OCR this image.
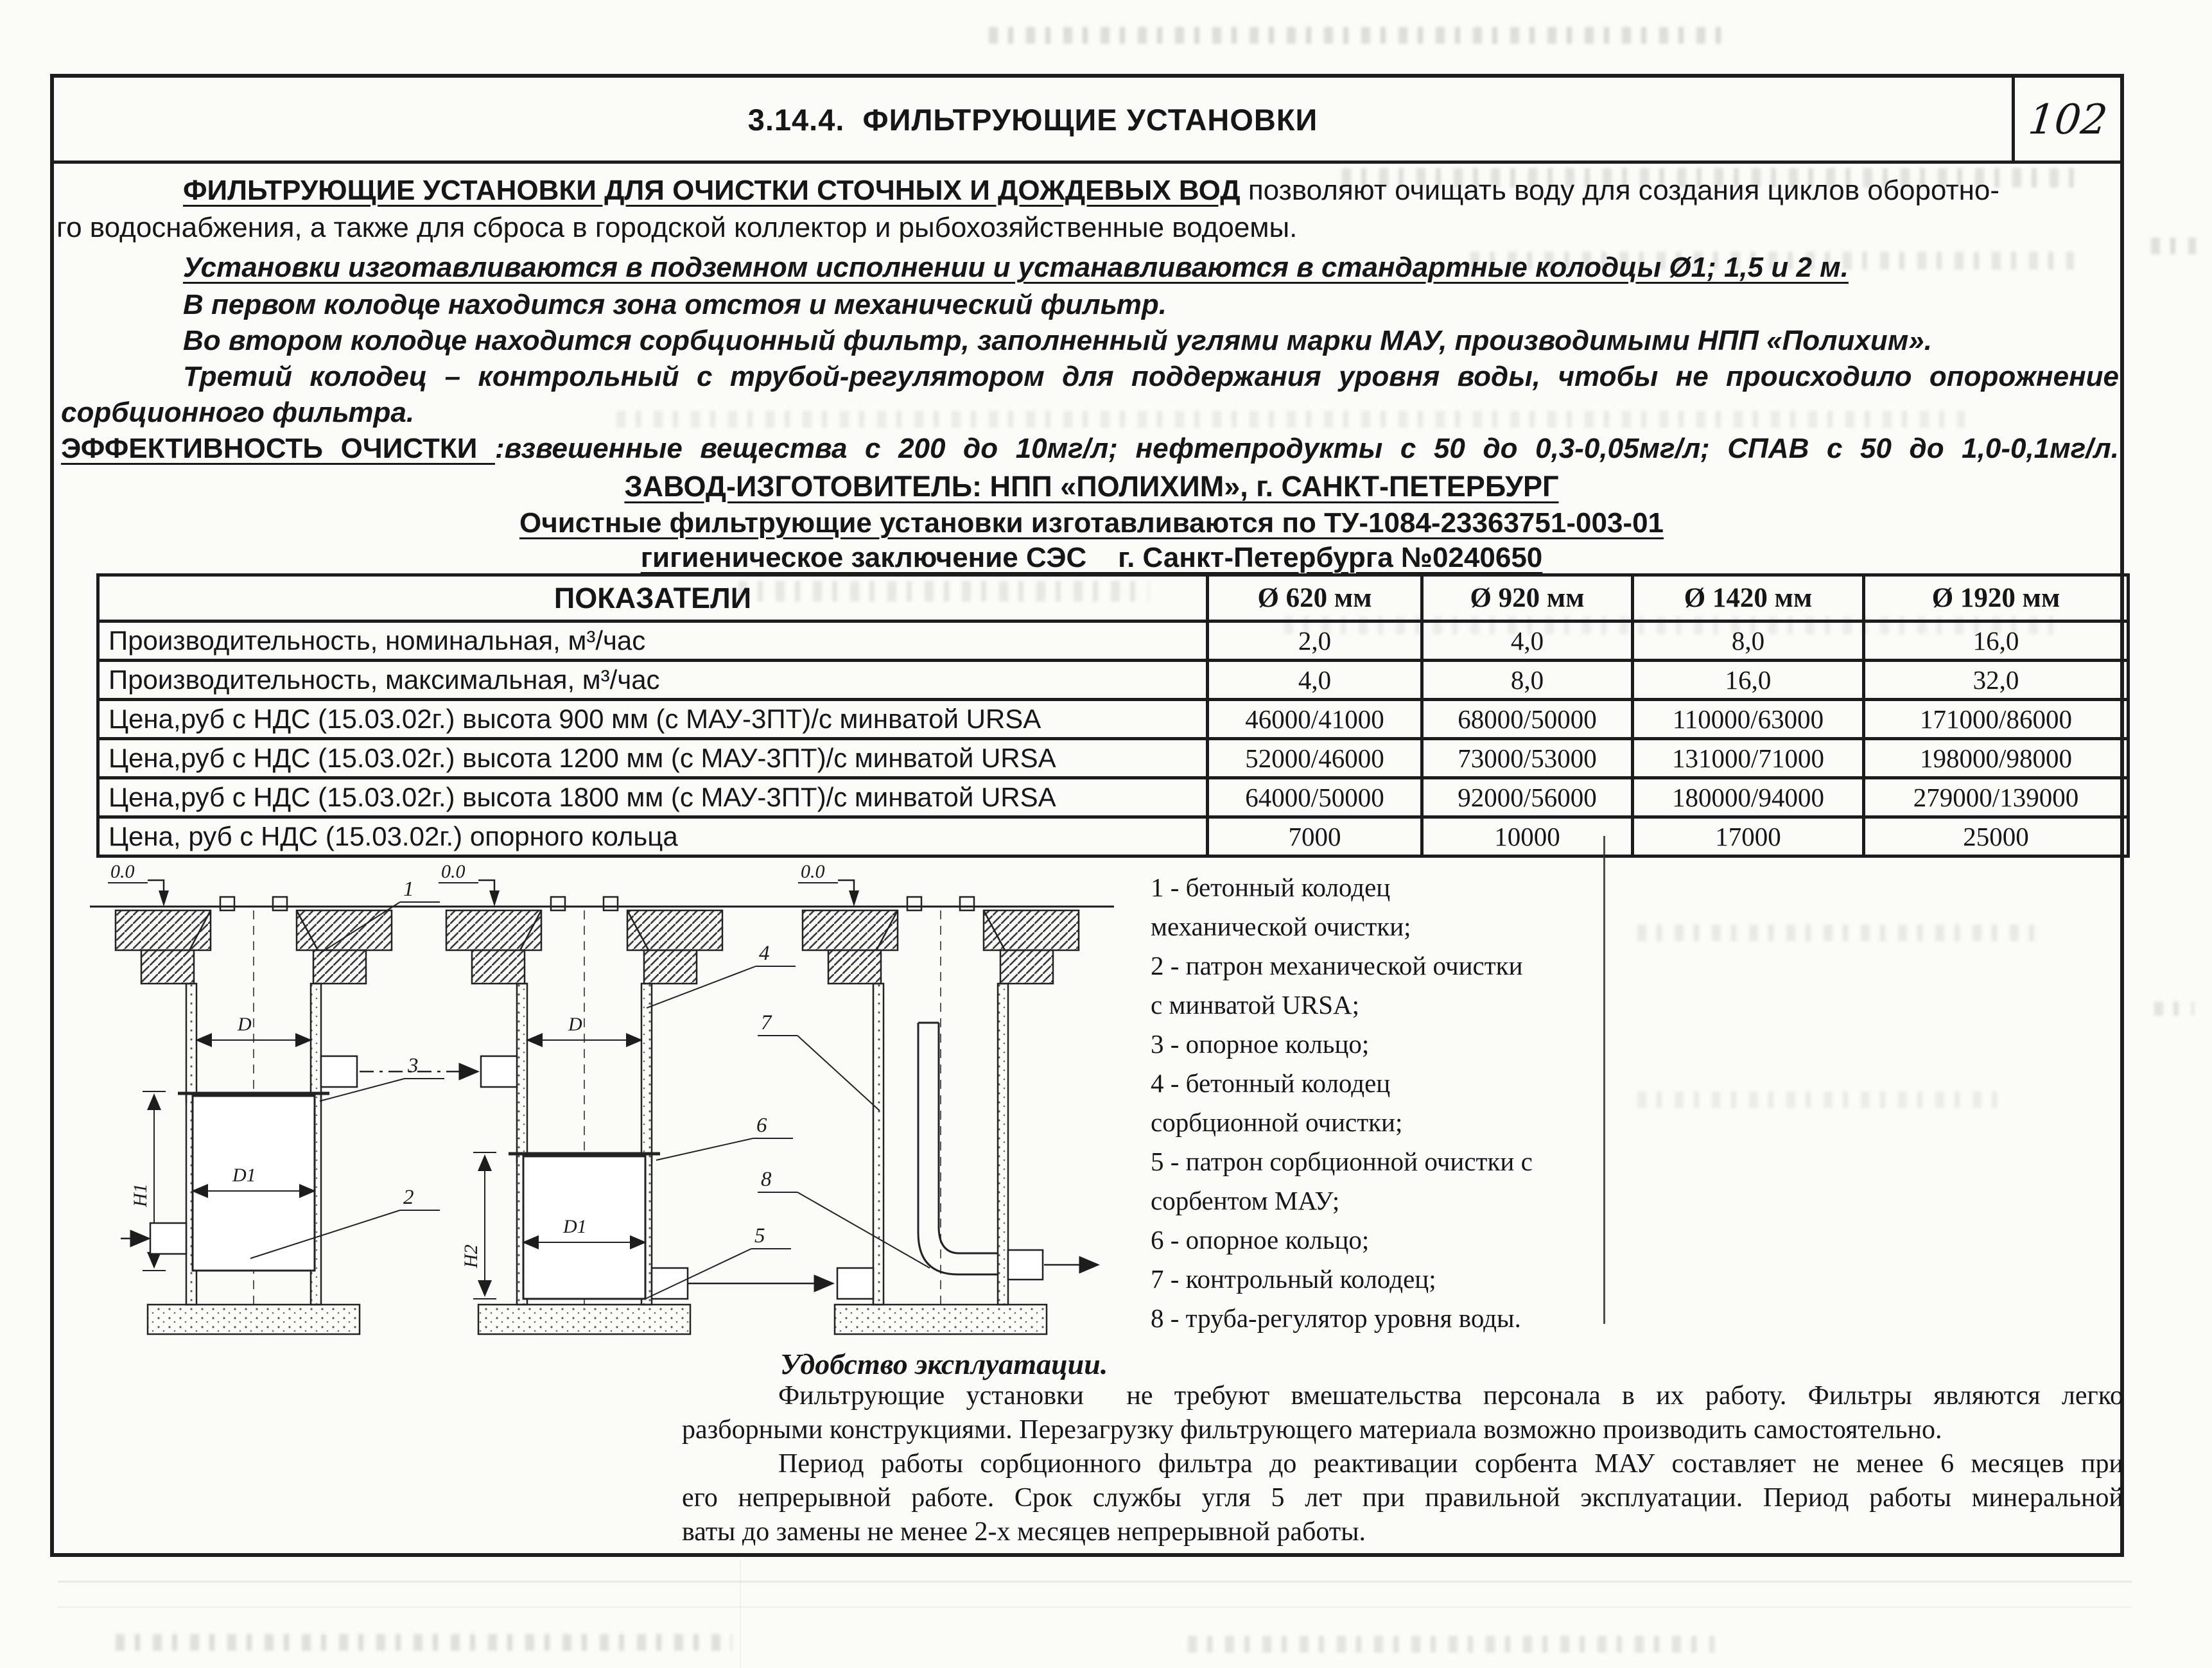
3.14.4.  ФИЛЬТРУЮЩИЕ УСТАНОВКИ	102
ФИЛЬТРУЮЩИЕ УСТАНОВКИ ДЛЯ ОЧИСТКИ СТОЧНЫХ И ДОЖДЕВЫХ ВОД позволяют очищать воду для создания циклов оборотно-
го водоснабжения, а также для сброса в городской коллектор и рыбохозяйственные водоемы.
Установки изготавливаются в подземном исполнении и устанавливаются в стандартные колодцы Ø1; 1,5 и 2 м.
В первом колодце находится зона отстоя и механический фильтр.
Во втором колодце находится сорбционный фильтр, заполненный углями марки МАУ, производимыми НПП «Полихим».
Третий колодец – контрольный с трубой-регулятором для поддержания уровня воды, чтобы не происходило опорожнение
сорбционного фильтра.
ЭФФЕКТИВНОСТЬ ОЧИСТКИ :взвешенные вещества с 200 до 10мг/л; нефтепродукты с 50 до 0,3-0,05мг/л; СПАВ с 50 до 1,0-0,1мг/л.
ЗАВОД-ИЗГОТОВИТЕЛЬ: НПП «ПОЛИХИМ», г. САНКТ-ПЕТЕРБУРГ
Очистные фильтрующие установки изготавливаются по ТУ-1084-23363751-003-01
гигиеническое заключение СЭС    г. Санкт-Петербурга №0240650
ПОКАЗАТЕЛИ	Ø 620 мм	Ø 920 мм	Ø 1420 мм	Ø 1920 мм
Производительность, номинальная, м³/час	2,0	4,0	8,0	16,0
Производительность, максимальная, м³/час	4,0	8,0	16,0	32,0
Цена,руб с НДС (15.03.02г.) высота 900 мм (с МАУ-3ПТ)/с минватой URSA	46000/41000	68000/50000	110000/63000	171000/86000
Цена,руб с НДС (15.03.02г.) высота 1200 мм (с МАУ-3ПТ)/с минватой URSA	52000/46000	73000/53000	131000/71000	198000/98000
Цена,руб с НДС (15.03.02г.) высота 1800 мм (с МАУ-3ПТ)/с минватой URSA	64000/50000	92000/56000	180000/94000	279000/139000
Цена, руб с НДС (15.03.02г.) опорного кольца	7000	10000	17000	25000
0.0	0.0	0.0
D
D1
H1
D
D1
H2
1
3
2
4
7
6
8
5
1 - бетонный колодец
механической очистки;
2 - патрон механической очистки
с минватой URSA;
3 - опорное кольцо;
4 - бетонный колодец
сорбционной очистки;
5 - патрон сорбционной очистки с
сорбентом МАУ;
6 - опорное кольцо;
7 - контрольный колодец;
8 - труба-регулятор уровня воды.
Удобство эксплуатации.
Фильтрующие установки  не требуют вмешательства персонала в их работу. Фильтры являются легко
разборными конструкциями. Перезагрузку фильтрующего материала возможно производить самостоятельно.
Период работы сорбционного фильтра до реактивации сорбента МАУ составляет не менее 6 месяцев при
его непрерывной работе. Срок службы угля 5 лет при правильной эксплуатации. Период работы минеральной
ваты до замены не менее 2-х месяцев непрерывной работы.
